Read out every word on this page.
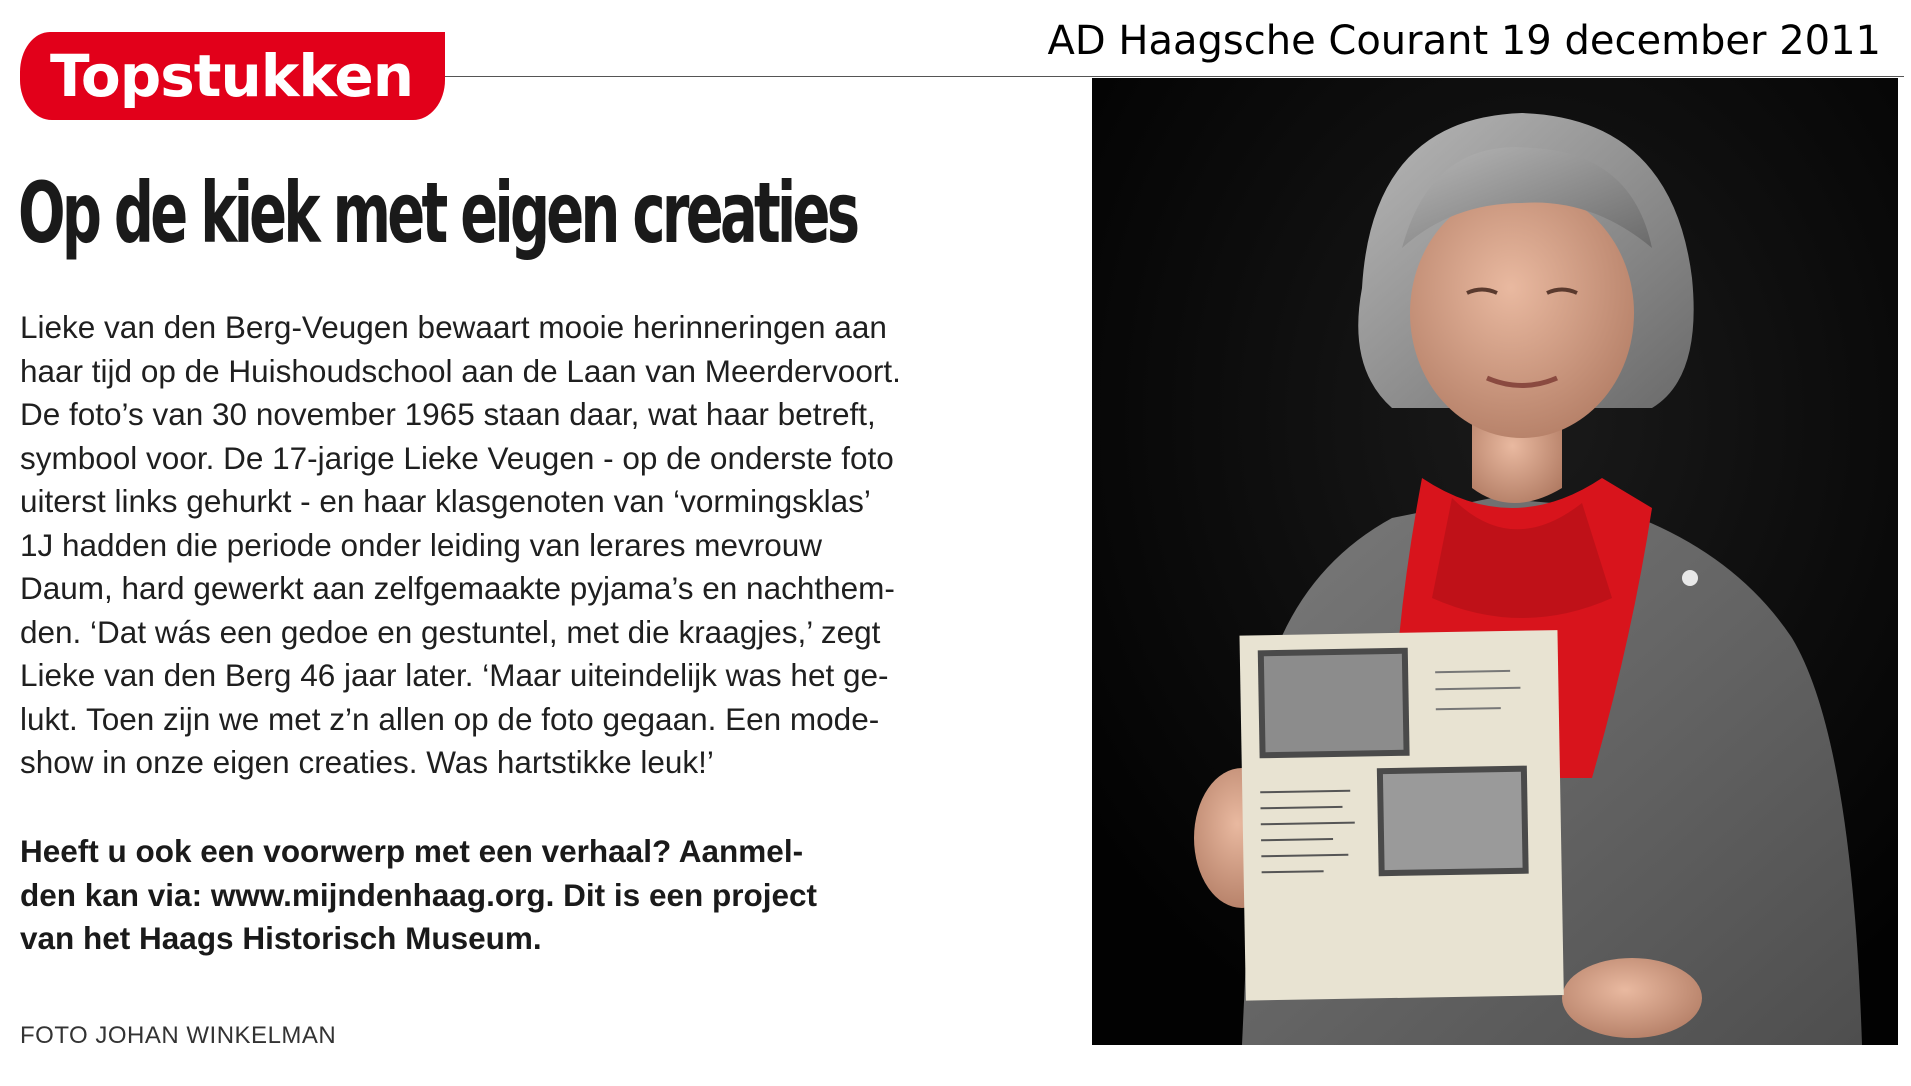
Topstukken
AD Haagsche Courant 19 december 2011
Op de kiek met eigen creaties
Lieke van den Berg-Veugen bewaart mooie herinneringen aan
haar tijd op de Huishoudschool aan de Laan van Meerdervoort.
De foto’s van 30 november 1965 staan daar, wat haar betreft,
symbool voor. De 17-jarige Lieke Veugen - op de onderste foto
uiterst links gehurkt - en haar klasgenoten van ‘vormingsklas’
1J hadden die periode onder leiding van lerares mevrouw
Daum, hard gewerkt aan zelfgemaakte pyjama’s en nachthem-
den. ‘Dat wás een gedoe en gestuntel, met die kraagjes,’ zegt
Lieke van den Berg 46 jaar later. ‘Maar uiteindelijk was het ge-
lukt. Toen zijn we met z’n allen op de foto gegaan. Een mode-
show in onze eigen creaties. Was hartstikke leuk!’
Heeft u ook een voorwerp met een verhaal? Aanmel-
den kan via: www.mijndenhaag.org. Dit is een project
van het Haags Historisch Museum.
FOTO JOHAN WINKELMAN
